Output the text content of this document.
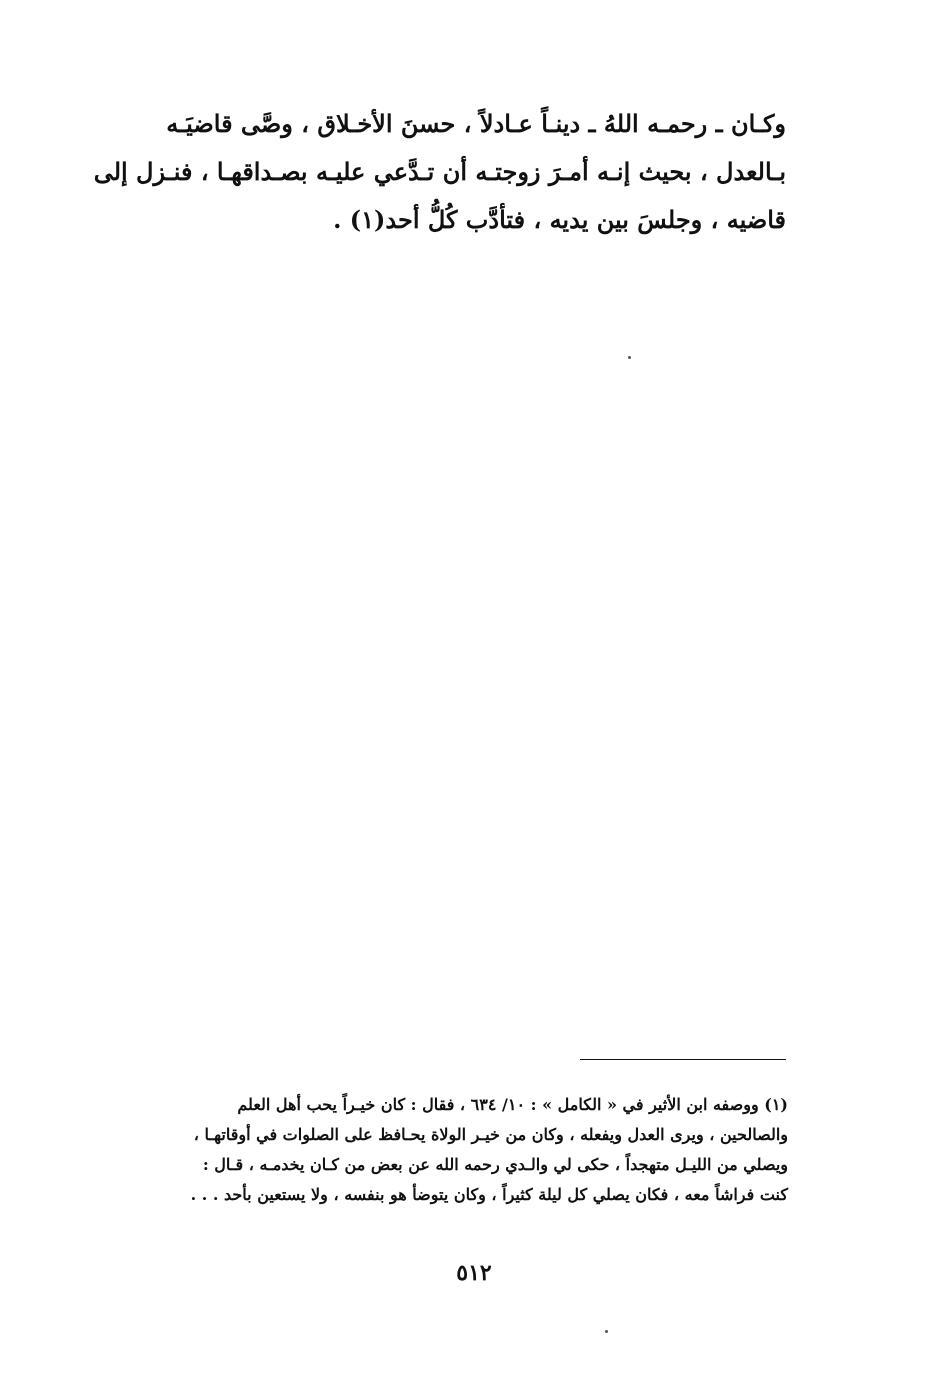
وكـان ـ رحمـه اللهُ ـ دينـاً عـادلاً ، حسنَ الأخـلاق ، وصَّى قاضيَـه
بـالعدل ، بحيث إنـه أمـرَ زوجتـه أن تـدَّعي عليـه بصـداقهـا ، فنـزل إلى
قاضيه ، وجلسَ بين يديه ، فتأدَّب كُلُّ أحد(١) .
(١) ووصفه ابن الأثير في « الكامل » : ١٠/ ٦٣٤ ، فقال : كان خيـراً يحب أهل العلم
والصالحين ، ويرى العدل ويفعله ، وكان من خيـر الولاة يحـافظ على الصلوات في أوقاتهـا ،
ويصلي من الليـل متهجداً ، حكى لي والـدي رحمه الله عن بعض من كـان يخدمـه ، قـال :
كنت فراشاً معه ، فكان يصلي كل ليلة كثيراً ، وكان يتوضأ هو بنفسه ، ولا يستعين بأحد . . .
٥١٢
